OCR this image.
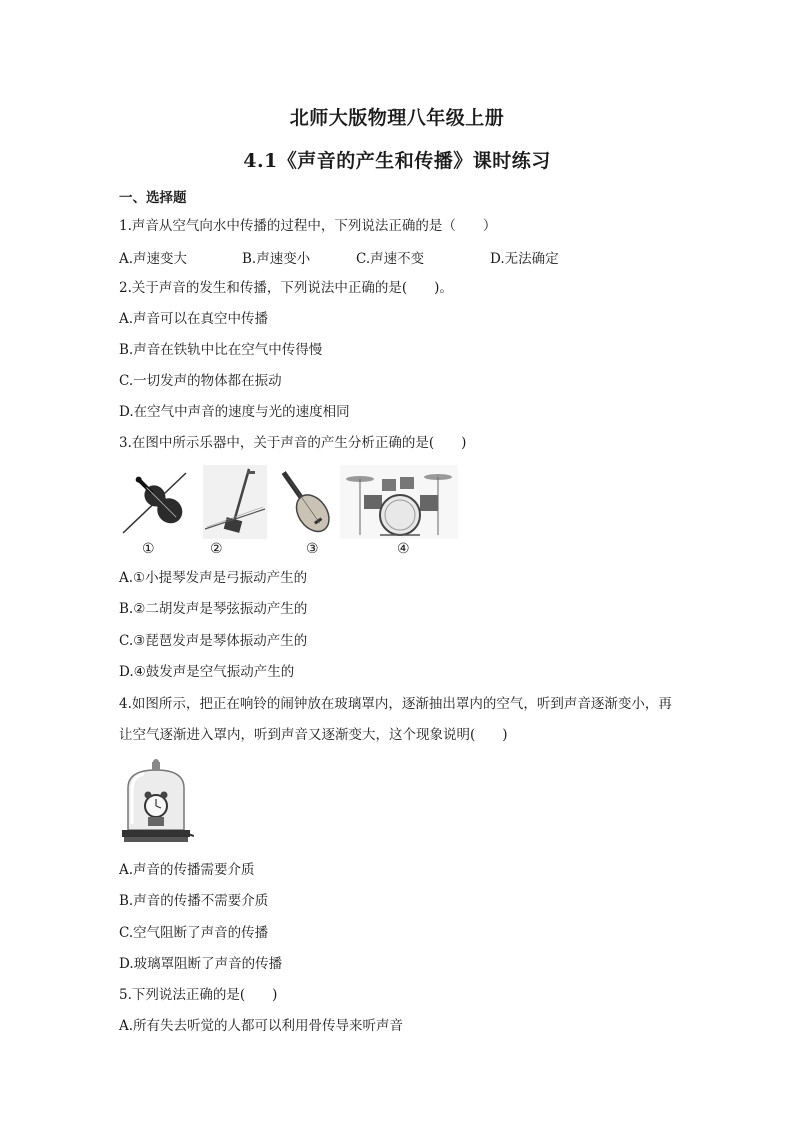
北师大版物理八年级上册
4.1《声音的产生和传播》课时练习
一、选择题
1.声音从空气向水中传播的过程中，下列说法正确的是（　　）
A.声速变大	B.声速变小	C.声速不变	D.无法确定
2.关于声音的发生和传播，下列说法中正确的是(　　)。
A.声音可以在真空中传播
B.声音在铁轨中比在空气中传得慢
C.一切发声的物体都在振动
D.在空气中声音的速度与光的速度相同
3.在图中所示乐器中，关于声音的产生分析正确的是(　　)
①	②	③	④
A.①小提琴发声是弓振动产生的
B.②二胡发声是琴弦振动产生的
C.③琵琶发声是琴体振动产生的
D.④鼓发声是空气振动产生的
4.如图所示，把正在响铃的闹钟放在玻璃罩内，逐渐抽出罩内的空气，听到声音逐渐变小，再
让空气逐渐进入罩内，听到声音又逐渐变大，这个现象说明(　　)
A.声音的传播需要介质
B.声音的传播不需要介质
C.空气阻断了声音的传播
D.玻璃罩阻断了声音的传播
5.下列说法正确的是(　　)
A.所有失去听觉的人都可以利用骨传导来听声音
